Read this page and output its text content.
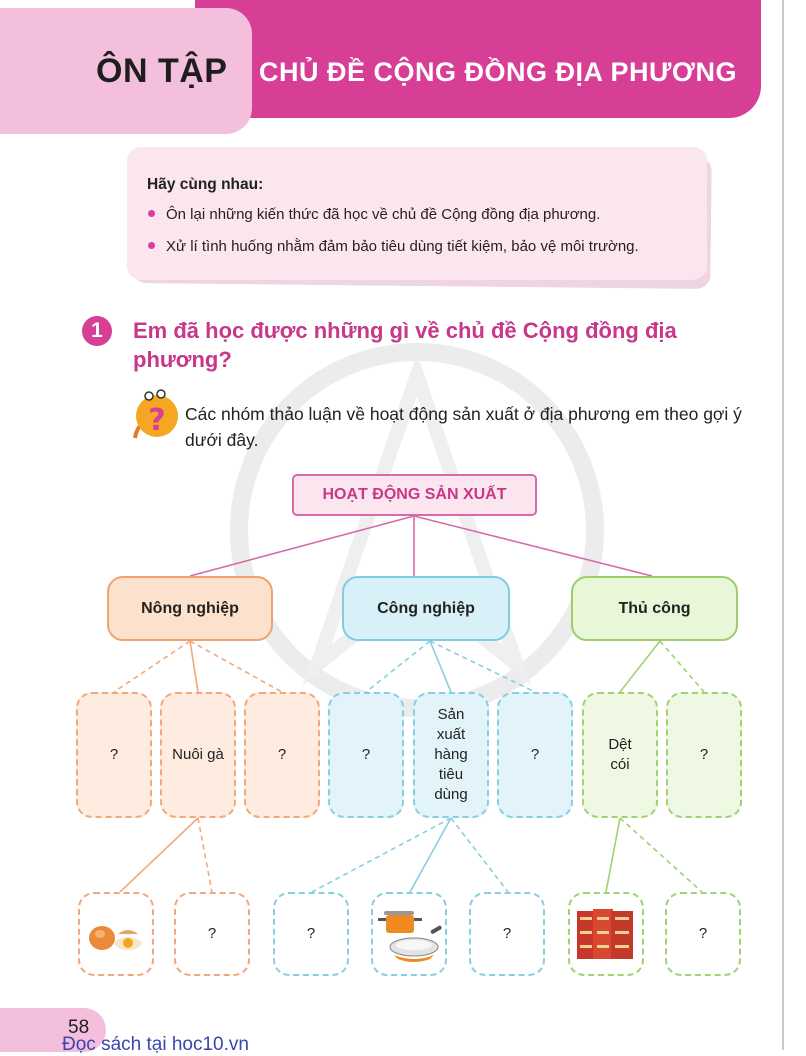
ÔN TẬP CHỦ ĐỀ CỘNG ĐỒNG ĐỊA PHƯƠNG
Hãy cùng nhau:
Ôn lại những kiến thức đã học về chủ đề Cộng đồng địa phương.
Xử lí tình huống nhằm đảm bảo tiêu dùng tiết kiệm, bảo vệ môi trường.
1	Em đã học được những gì về chủ đề Cộng đồng địa phương?
? Các nhóm thảo luận về hoạt động sản xuất ở địa phương em theo gợi ý dưới đây.
HOẠT ĐỘNG SẢN XUẤT
Nông nghiệp	Công nghiệp	Thủ công
?	Nuôi gà	?	?
Sản xuất hàng tiêu dùng
?
Dệt cói
?
?	?	?	?
58
Đọc sách tại hoc10.vn
